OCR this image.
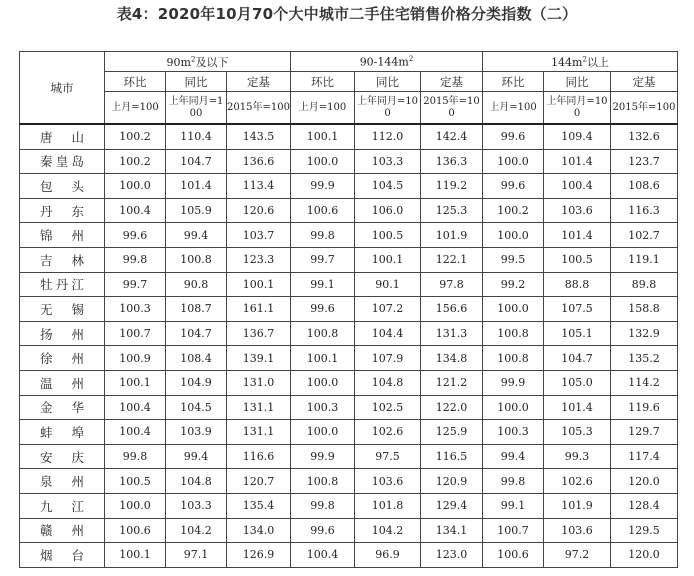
表4：2020年10月70个大中城市二手住宅销售价格分类指数（二）
城市	$90m^2$及以下			$90-144m^2$			$144m^2$以上		
	环比	同比	定基	环比	同比	定基	环比	同比	定基
	上月=100	上年同月=100	2015年=100	上月=100	上年同月=100	2015年=100	上月=100	上年同月=100	2015年=100
唐山	100.2	110.4	143.5	100.1	112.0	142.4	99.6	109.4	132.6
秦皇岛	100.2	104.7	136.6	100.0	103.3	136.3	100.0	101.4	123.7
包头	100.0	101.4	113.4	99.9	104.5	119.2	99.6	100.4	108.6
丹东	100.4	105.9	120.6	100.6	106.0	125.3	100.2	103.6	116.3
锦州	99.6	99.4	103.7	99.8	100.5	101.9	100.0	101.4	102.7
吉林	99.8	100.8	123.3	99.7	100.1	122.1	99.5	100.5	119.1
牡丹江	99.7	90.8	100.1	99.1	90.1	97.8	99.2	88.8	89.8
无锡	100.3	108.7	161.1	99.6	107.2	156.6	100.0	107.5	158.8
扬州	100.7	104.7	136.7	100.8	104.4	131.3	100.8	105.1	132.9
徐州	100.9	108.4	139.1	100.1	107.9	134.8	100.8	104.7	135.2
温州	100.1	104.9	131.0	100.0	104.8	121.2	99.9	105.0	114.2
金华	100.4	104.5	131.1	100.3	102.5	122.0	100.0	101.4	119.6
蚌埠	100.4	103.9	131.1	100.0	102.6	125.9	100.3	105.3	129.7
安庆	99.8	99.4	116.6	99.9	97.5	116.5	99.4	99.3	117.4
泉州	100.5	104.8	120.7	100.8	103.6	120.9	99.8	102.6	120.0
九江	100.0	103.3	135.4	99.8	101.8	129.4	99.1	101.9	128.4
赣州	100.6	104.2	134.0	99.6	104.2	134.1	100.7	103.6	129.5
烟台	100.1	97.1	126.9	100.4	96.9	123.0	100.6	97.2	120.0
